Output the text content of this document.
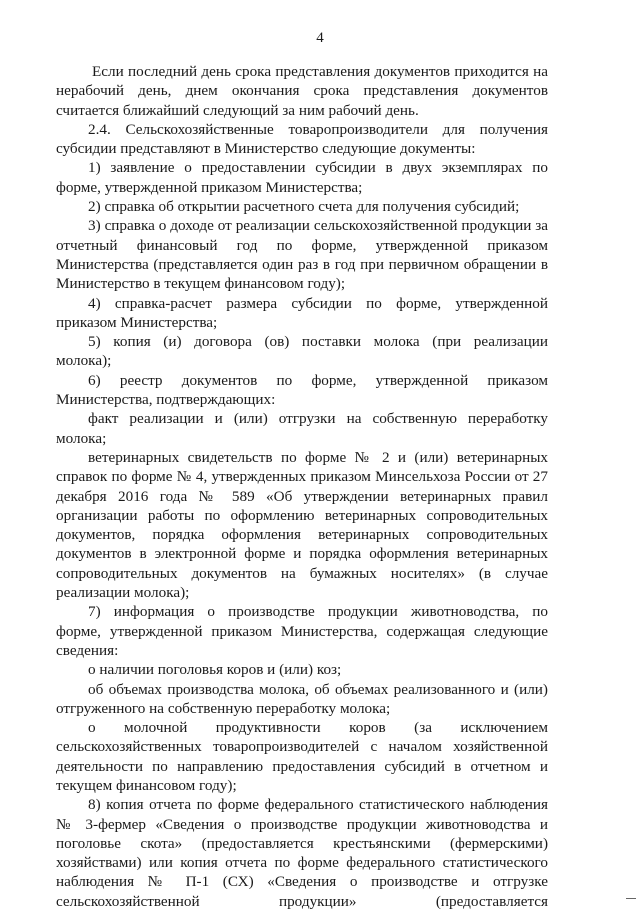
4
Если последний день срока представления документов приходится на
нерабочий день, днем окончания срока представления документов
считается ближайший следующий за ним рабочий день.
2.4. Сельскохозяйственные товаропроизводители для получения
субсидии представляют в Министерство следующие документы:
1) заявление о предоставлении субсидии в двух экземплярах по
форме, утвержденной приказом Министерства;
2) справка об открытии расчетного счета для получения субсидий;
3) справка о доходе от реализации сельскохозяйственной продукции за
отчетный финансовый год по форме, утвержденной приказом
Министерства (представляется один раз в год при первичном обращении в
Министерство в текущем финансовом году);
4) справка-расчет размера субсидии по форме, утвержденной
приказом Министерства;
5) копия (и) договора (ов) поставки молока (при реализации
молока);
6) реестр документов по форме, утвержденной приказом
Министерства, подтверждающих:
факт реализации и (или) отгрузки на собственную переработку
молока;
ветеринарных свидетельств по форме № 2 и (или) ветеринарных
справок по форме № 4, утвержденных приказом Минсельхоза России от 27
декабря 2016 года № 589 «Об утверждении ветеринарных правил
организации работы по оформлению ветеринарных сопроводительных
документов, порядка оформления ветеринарных сопроводительных
документов в электронной форме и порядка оформления ветеринарных
сопроводительных документов на бумажных носителях» (в случае
реализации молока);
7) информация о производстве продукции животноводства, по
форме, утвержденной приказом Министерства, содержащая следующие
сведения:
о наличии поголовья коров и (или) коз;
об объемах производства молока, об объемах реализованного и (или)
отгруженного на собственную переработку молока;
о молочной продуктивности коров (за исключением
сельскохозяйственных товаропроизводителей с началом хозяйственной
деятельности по направлению предоставления субсидий в отчетном и
текущем финансовом году);
8) копия отчета по форме федерального статистического наблюдения
№ 3-фермер «Сведения о производстве продукции животноводства и
поголовье скота» (предоставляется крестьянскими (фермерскими)
хозяйствами) или копия отчета по форме федерального статистического
наблюдения № П-1 (СХ) «Сведения о производстве и отгрузке
сельскохозяйственной продукции» (предоставляется
